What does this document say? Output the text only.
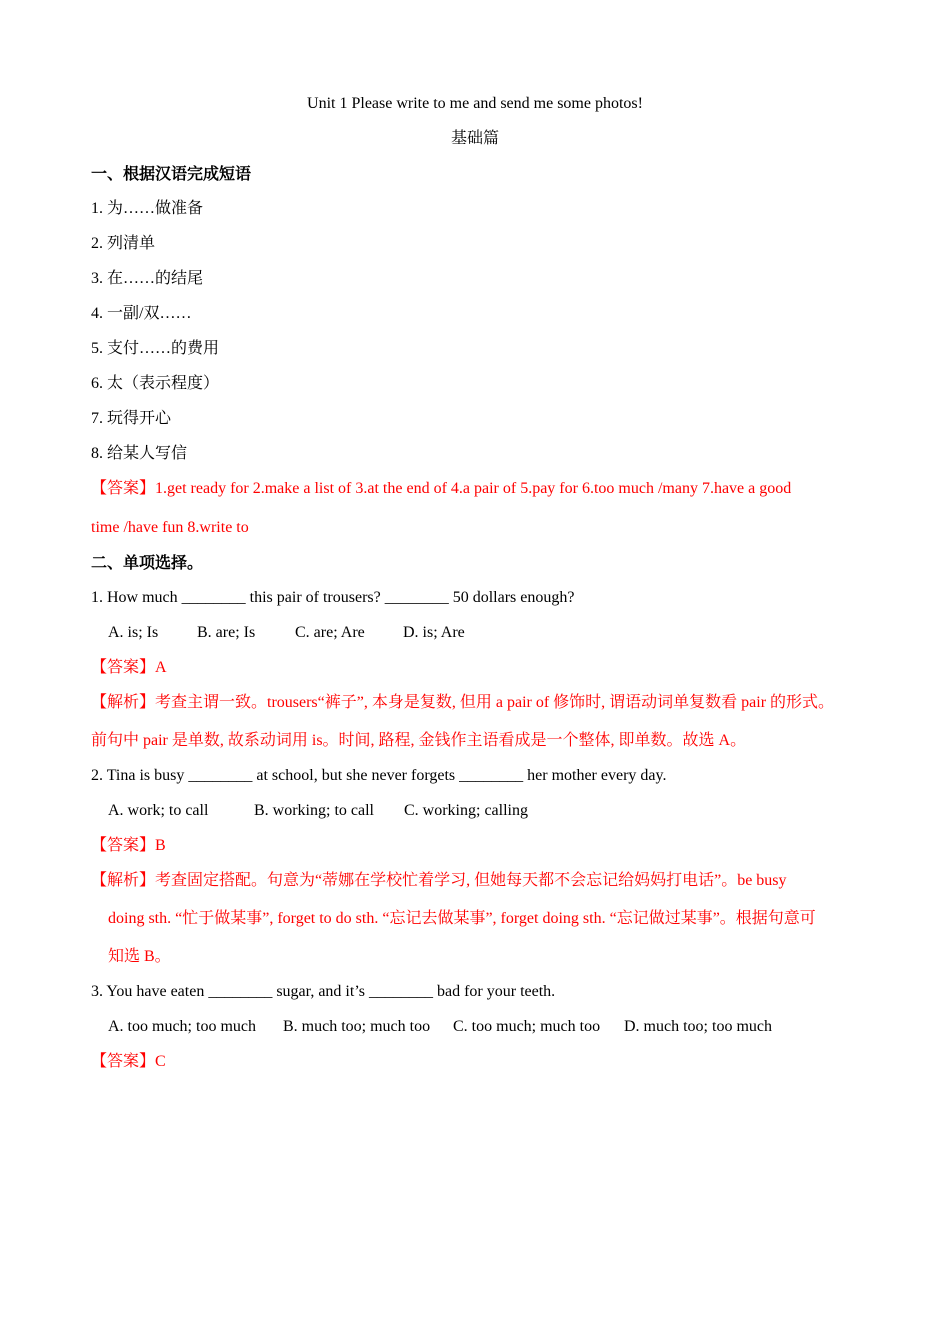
Unit 1 Please write to me and send me some photos!
基础篇
一、根据汉语完成短语
1. 为……做准备
2. 列清单
3. 在……的结尾
4. 一副/双……
5. 支付……的费用
6. 太（表示程度）
7. 玩得开心
8. 给某人写信
【答案】1.get ready for 2.make a list of 3.at the end of 4.a pair of 5.pay for 6.too much /many 7.have a good
time /have fun 8.write to
二、单项选择。
1. How much ________ this pair of trousers? ________ 50 dollars enough?
A. is; Is B. are; Is C. are; Are D. is; Are
【答案】A
【解析】考查主谓一致。trousers“裤子”, 本身是复数, 但用 a pair of 修饰时, 谓语动词单复数看 pair 的形式。
前句中 pair 是单数, 故系动词用 is。时间, 路程, 金钱作主语看成是一个整体, 即单数。故选 A。
2. Tina is busy ________ at school, but she never forgets ________ her mother every day.
A. work; to call	B. working; to call C. working; calling
【答案】B
【解析】考查固定搭配。句意为“蒂娜在学校忙着学习, 但她每天都不会忘记给妈妈打电话”。be busy
doing sth. “忙于做某事”, forget to do sth. “忘记去做某事”, forget doing sth. “忘记做过某事”。根据句意可
知选 B。
3. You have eaten ________ sugar, and it’s ________ bad for your teeth.
A. too much; too much B. much too; much too C. too much; much too D. much too; too much
【答案】C
